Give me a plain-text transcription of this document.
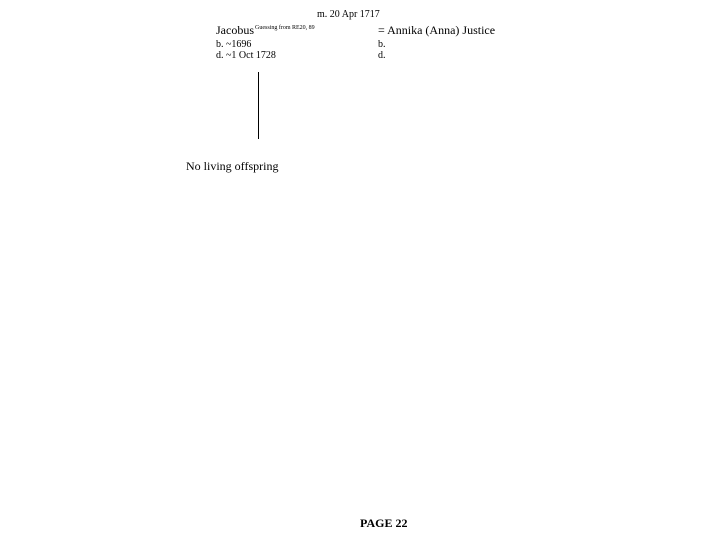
m. 20 Apr 1717
Jacobus$^{Guessing from RE20, 89}$	= Annika (Anna) Justice
b. ~1696
d. ~1 Oct 1728
b.
d.
No living offspring
PAGE 22
